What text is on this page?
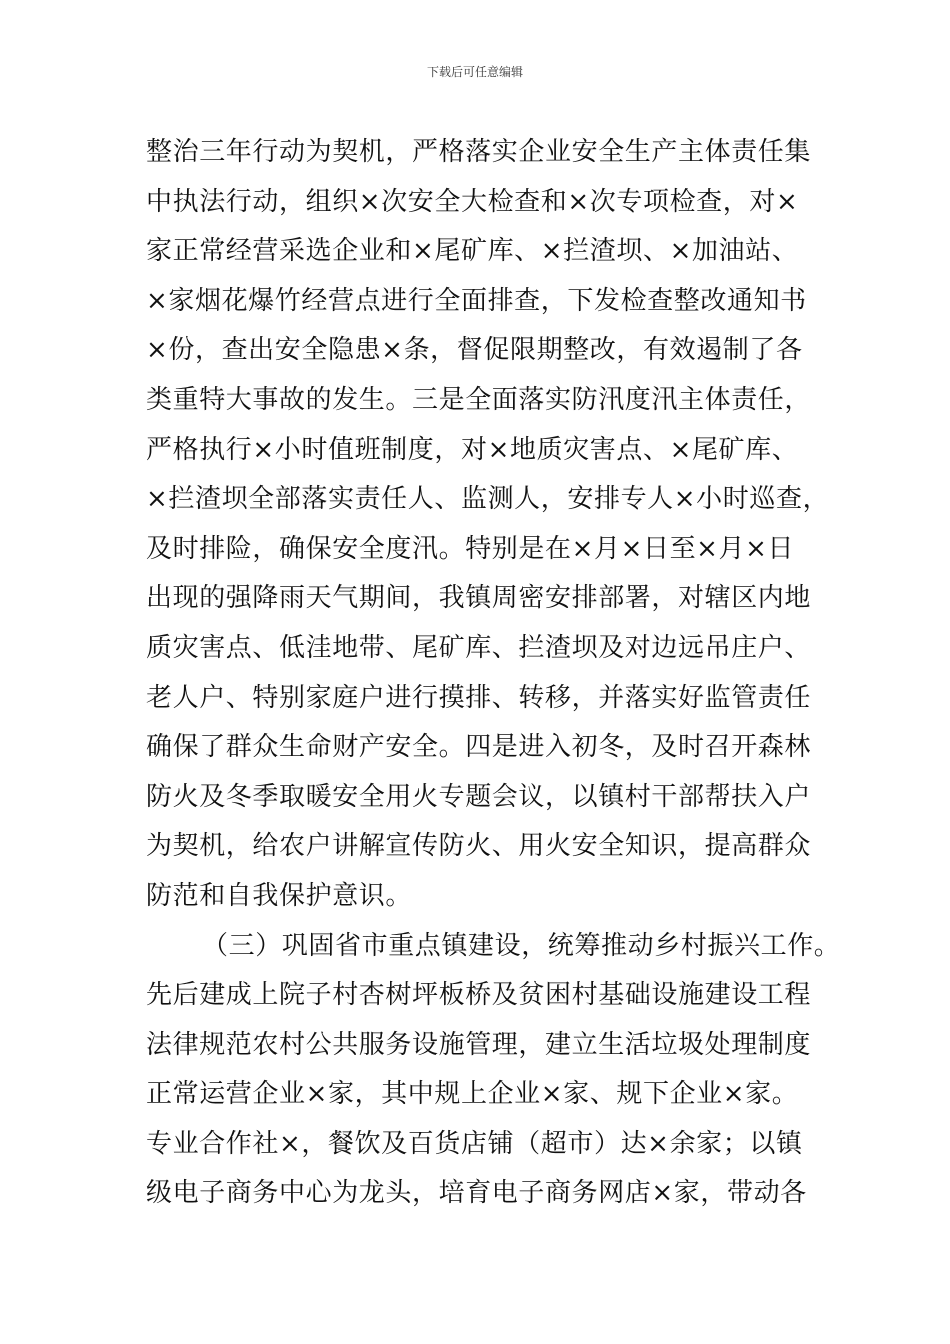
下载后可任意编辑
整治三年行动为契机，严格落实企业安全生产主体责任集
中执法行动，组织×次安全大检查和×次专项检查，对×
家正常经营采选企业和×尾矿库、×拦渣坝、×加油站、
×家烟花爆竹经营点进行全面排查，下发检查整改通知书
×份，查出安全隐患×条，督促限期整改，有效遏制了各
类重特大事故的发生。三是全面落实防汛度汛主体责任，
严格执行×小时值班制度，对×地质灾害点、×尾矿库、
×拦渣坝全部落实责任人、监测人，安排专人×小时巡查，
及时排险，确保安全度汛。特别是在×月×日至×月×日
出现的强降雨天气期间，我镇周密安排部署，对辖区内地
质灾害点、低洼地带、尾矿库、拦渣坝及对边远吊庄户、
老人户、特别家庭户进行摸排、转移，并落实好监管责任
确保了群众生命财产安全。四是进入初冬，及时召开森林
防火及冬季取暖安全用火专题会议，以镇村干部帮扶入户
为契机，给农户讲解宣传防火、用火安全知识，提高群众
防范和自我保护意识。
（三）巩固省市重点镇建设，统筹推动乡村振兴工作。
先后建成上院子村杏树坪板桥及贫困村基础设施建设工程
法律规范农村公共服务设施管理，建立生活垃圾处理制度
正常运营企业×家，其中规上企业×家、规下企业×家。
专业合作社×，餐饮及百货店铺（超市）达×余家；以镇
级电子商务中心为龙头，培育电子商务网店×家，带动各
